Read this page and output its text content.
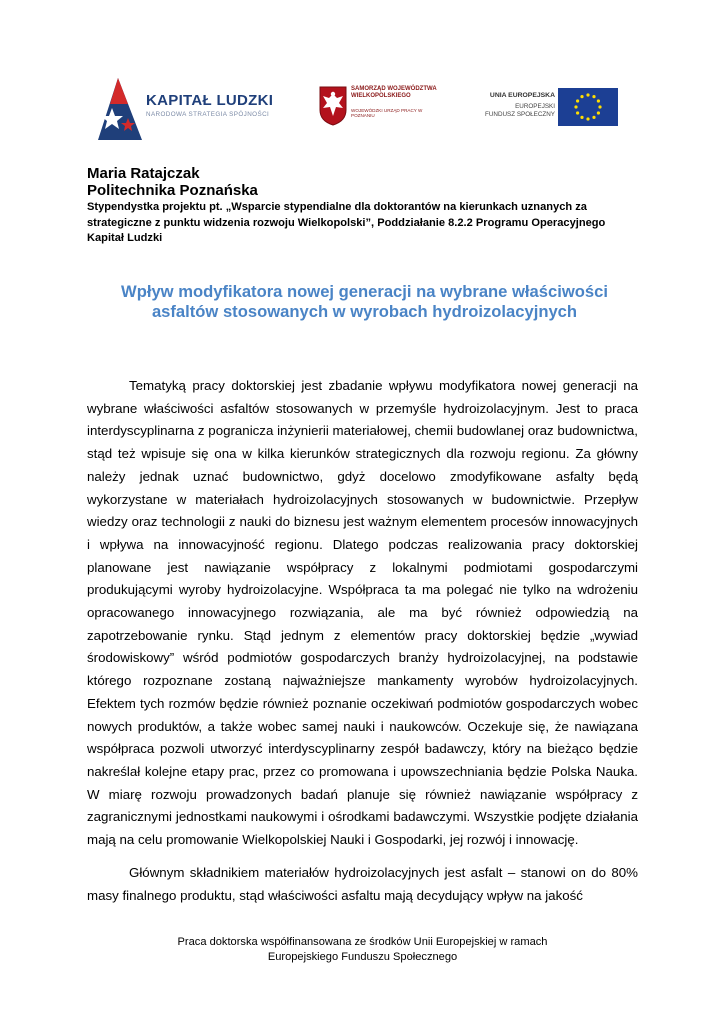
KAPITAŁ LUDZKI
NARODOWA STRATEGIA SPÓJNOŚCI
SAMORZĄD WOJEWÓDZTWA WIELKOPOLSKIEGO
WOJEWÓDZKI URZĄD PRACY W POZNANIU
UNIA EUROPEJSKA
EUROPEJSKI
FUNDUSZ SPOŁECZNY
Maria Ratajczak
Politechnika Poznańska
Stypendystka projektu pt. „Wsparcie stypendialne dla doktorantów na kierunkach uznanych za strategiczne z punktu widzenia rozwoju Wielkopolski”, Poddziałanie 8.2.2 Programu Operacyjnego Kapitał Ludzki
Wpływ modyfikatora nowej generacji na wybrane właściwości asfaltów stosowanych w wyrobach hydroizolacyjnych
Tematyką pracy doktorskiej jest zbadanie wpływu modyfikatora nowej generacji na wybrane właściwości asfaltów stosowanych w przemyśle hydroizolacyjnym. Jest to praca interdyscyplinarna z pogranicza inżynierii materiałowej, chemii budowlanej oraz budownictwa, stąd też wpisuje się ona w kilka kierunków strategicznych dla rozwoju regionu. Za główny należy jednak uznać budownictwo, gdyż docelowo zmodyfikowane asfalty będą wykorzystane w materiałach hydroizolacyjnych stosowanych w budownictwie. Przepływ wiedzy oraz technologii z nauki do biznesu jest ważnym elementem procesów innowacyjnych i wpływa na innowacyjność regionu. Dlatego podczas realizowania pracy doktorskiej planowane jest nawiązanie współpracy z lokalnymi podmiotami gospodarczymi produkującymi wyroby hydroizolacyjne. Współpraca ta ma polegać nie tylko na wdrożeniu opracowanego innowacyjnego rozwiązania, ale ma być również odpowiedzią na zapotrzebowanie rynku. Stąd jednym z elementów pracy doktorskiej będzie „wywiad środowiskowy” wśród podmiotów gospodarczych branży hydroizolacyjnej, na podstawie którego rozpoznane zostaną najważniejsze mankamenty wyrobów hydroizolacyjnych. Efektem tych rozmów będzie również poznanie oczekiwań podmiotów gospodarczych wobec nowych produktów, a także wobec samej nauki i naukowców. Oczekuje się, że nawiązana współpraca pozwoli utworzyć interdyscyplinarny zespół badawczy, który na bieżąco będzie nakreślał kolejne etapy prac, przez co promowana i upowszechniania będzie Polska Nauka. W miarę rozwoju prowadzonych badań planuje się również nawiązanie współpracy z zagranicznymi jednostkami naukowymi i ośrodkami badawczymi. Wszystkie podjęte działania mają na celu promowanie Wielkopolskiej Nauki i Gospodarki, jej rozwój i innowację.
Głównym składnikiem materiałów hydroizolacyjnych jest asfalt – stanowi on do 80% masy finalnego produktu, stąd właściwości asfaltu mają decydujący wpływ na jakość
Praca doktorska współfinansowana ze środków Unii Europejskiej w ramach
Europejskiego Funduszu Społecznego
